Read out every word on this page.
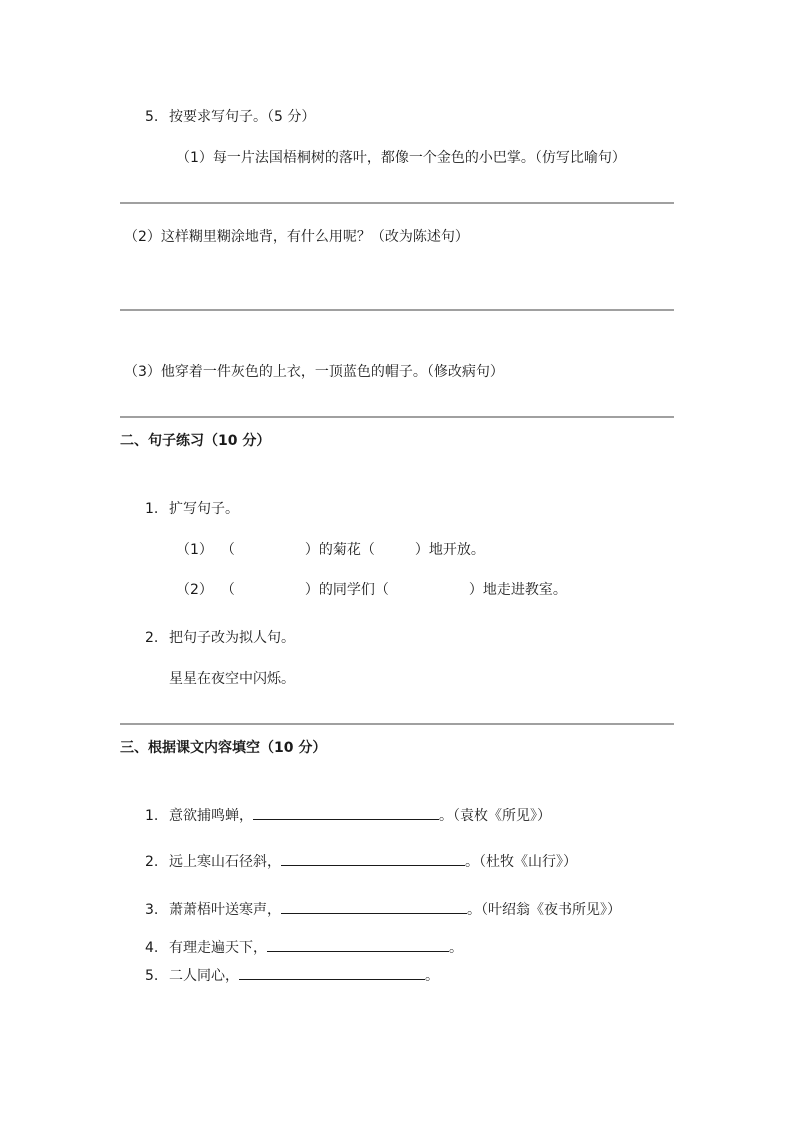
5. 按要求写句子。（5 分）
（1）每一片法国梧桐树的落叶，都像一个金色的小巴掌。（仿写比喻句）
（2）这样糊里糊涂地背，有什么用呢？（改为陈述句）
（3）他穿着一件灰色的上衣，一顶蓝色的帽子。（修改病句）
二、句子练习（10 分）
1. 扩写句子。
（1） （	）的菊花（	）地开放。
（2） （	）的同学们（	）地走进教室。
2. 把句子改为拟人句。
星星在夜空中闪烁。
三、根据课文内容填空（10 分）
1. 意欲捕鸣蝉，	。（袁枚《所见》）
2. 远上寒山石径斜，	。（杜牧《山行》）
3. 萧萧梧叶送寒声，	。（叶绍翁《夜书所见》）
4. 有理走遍天下，	。
5. 二人同心，	。
